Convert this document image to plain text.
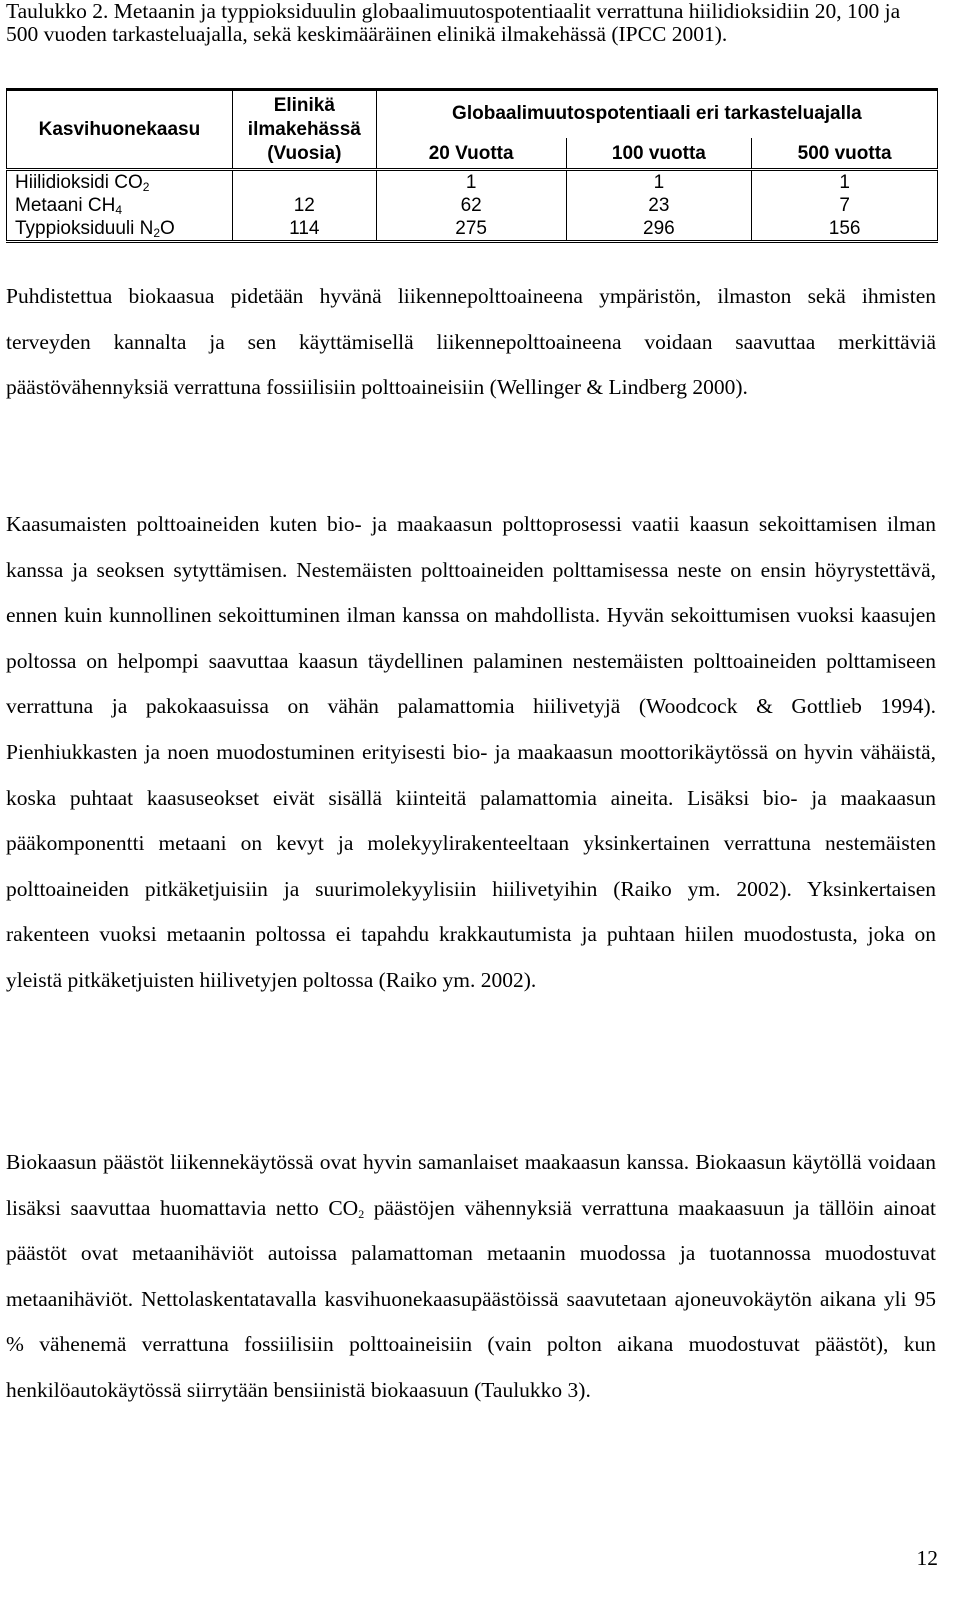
Taulukko 2. Metaanin ja typpioksiduulin globaalimuutospotentiaalit verrattuna hiilidioksidiin 20, 100 ja 500 vuoden tarkasteluajalla, sekä keskimääräinen elinikä ilmakehässä (IPCC 2001).
Kasvihuonekaasu	Elinikä ilmakehässä (Vuosia)	Globaalimuutospotentiaali eri tarkasteluajalla		
		20 Vuotta	100 vuotta	500 vuotta
Hiilidioksidi $CO_2$		1	1	1
Metaani $CH_4$	12	62	23	7
Typpioksiduuli $N_2O$	114	275	296	156

Puhdistettua biokaasua pidetään hyvänä liikennepolttoaineena ympäristön, ilmaston sekä ihmisten terveyden kannalta ja sen käyttämisellä liikennepolttoaineena voidaan saavuttaa merkittäviä päästövähennyksiä verrattuna fossiilisiin polttoaineisiin (Wellinger & Lindberg 2000).

Kaasumaisten polttoaineiden kuten bio- ja maakaasun polttoprosessi vaatii kaasun sekoittamisen ilman kanssa ja seoksen sytyttämisen. Nestemäisten polttoaineiden polttamisessa neste on ensin höyrystettävä, ennen kuin kunnollinen sekoittuminen ilman kanssa on mahdollista. Hyvän sekoittumisen vuoksi kaasujen poltossa on helpompi saavuttaa kaasun täydellinen palaminen nestemäisten polttoaineiden polttamiseen verrattuna ja pakokaasuissa on vähän palamattomia hiilivetyjä (Woodcock & Gottlieb 1994). Pienhiukkasten ja noen muodostuminen erityisesti bio- ja maakaasun moottorikäytössä on hyvin vähäistä, koska puhtaat kaasuseokset eivät sisällä kiinteitä palamattomia aineita. Lisäksi bio- ja maakaasun pääkomponentti metaani on kevyt ja molekyylirakenteeltaan yksinkertainen verrattuna nestemäisten polttoaineiden pitkäketjuisiin ja suurimolekyylisiin hiilivetyihin (Raiko ym. 2002). Yksinkertaisen rakenteen vuoksi metaanin poltossa ei tapahdu krakkautumista ja puhtaan hiilen muodostusta, joka on yleistä pitkäketjuisten hiilivetyjen poltossa (Raiko ym. 2002).

Biokaasun päästöt liikennekäytössä ovat hyvin samanlaiset maakaasun kanssa. Biokaasun käytöllä voidaan lisäksi saavuttaa huomattavia netto $CO_2$ päästöjen vähennyksiä verrattuna maakaasuun ja tällöin ainoat päästöt ovat metaanihäviöt autoissa palamattoman metaanin muodossa ja tuotannossa muodostuvat metaanihäviöt. Nettolaskentatavalla kasvihuonekaasupäästöissä saavutetaan ajoneuvokäytön aikana yli 95 % vähenemä verrattuna fossiilisiin polttoaineisiin (vain polton aikana muodostuvat päästöt), kun henkilöautokäytössä siirrytään bensiinistä biokaasuun (Taulukko 3).

12
